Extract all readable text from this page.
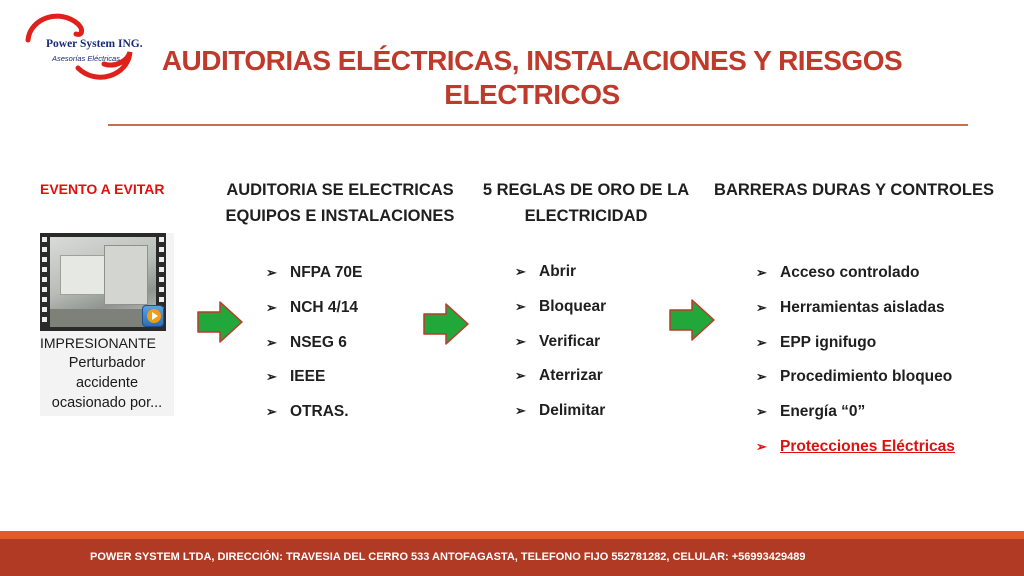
Power System ING.
Asesorías Eléctricas AUDITORIAS ELÉCTRICAS, INSTALACIONES Y RIESGOS ELECTRICOS
EVENTO A EVITAR
IMPRESIONANTE
Perturbador
accidente
ocasionado por...
AUDITORIA SE ELECTRICAS EQUIPOS E INSTALACIONES
➢ NFPA 70E
➢ NCH 4/14
➢ NSEG 6
➢ IEEE
➢ OTRAS.
5 REGLAS DE ORO DE LA ELECTRICIDAD
➢ Abrir
➢ Bloquear
➢ Verificar
➢ Aterrizar
➢ Delimitar
BARRERAS DURAS Y CONTROLES
➢ Acceso controlado
➢ Herramientas aisladas
➢ EPP ignifugo
➢ Procedimiento bloqueo
➢ Energía “0”
➢ Protecciones Eléctricas
POWER SYSTEM LTDA, DIRECCIÓN: TRAVESIA DEL CERRO 533 ANTOFAGASTA, TELEFONO FIJO 552781282, CELULAR: +56993429489
